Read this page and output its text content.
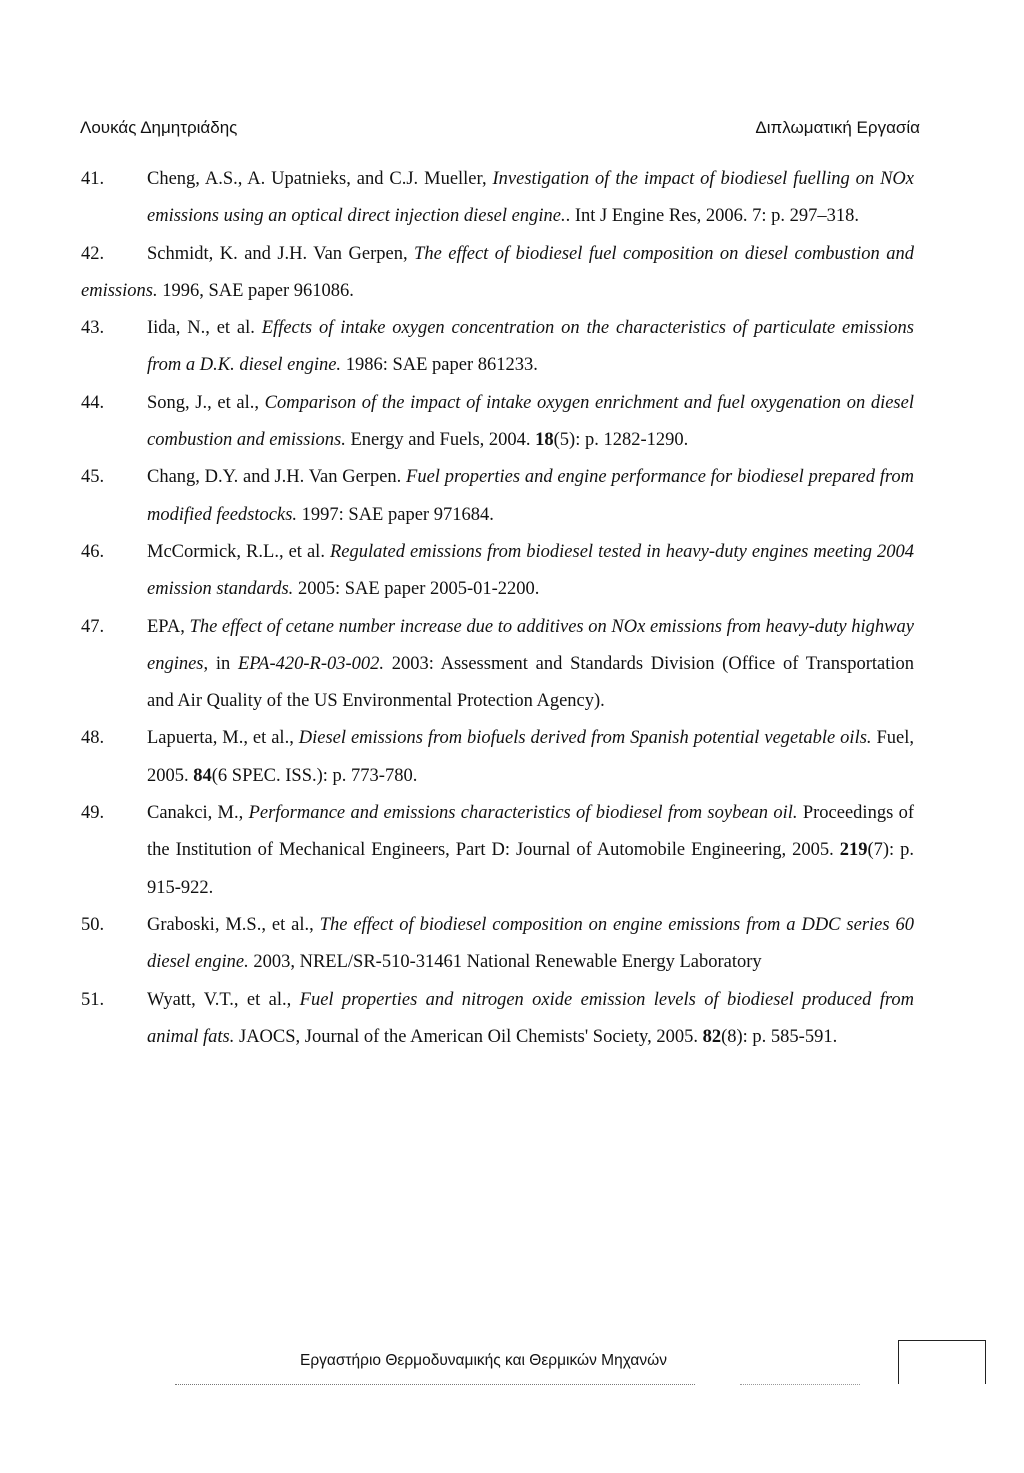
Λουκάς Δημητριάδης	Διπλωματική Εργασία
41. Cheng, A.S., A. Upatnieks, and C.J. Mueller, Investigation of the impact of biodiesel fuelling on NOx emissions using an optical direct injection diesel engine.. Int J Engine Res, 2006. 7: p. 297–318.
42.	Schmidt, K. and J.H. Van Gerpen, The effect of biodiesel fuel composition on diesel combustion and emissions. 1996, SAE paper 961086.
43. Iida, N., et al. Effects of intake oxygen concentration on the characteristics of particulate emissions from a D.K. diesel engine. 1986: SAE paper 861233.
44. Song, J., et al., Comparison of the impact of intake oxygen enrichment and fuel oxygenation on diesel combustion and emissions. Energy and Fuels, 2004. 18(5): p. 1282-1290.
45. Chang, D.Y. and J.H. Van Gerpen. Fuel properties and engine performance for biodiesel prepared from modified feedstocks. 1997: SAE paper 971684.
46. McCormick, R.L., et al. Regulated emissions from biodiesel tested in heavy-duty engines meeting 2004 emission standards. 2005: SAE paper 2005-01-2200.
47. EPA, The effect of cetane number increase due to additives on NOx emissions from heavy-duty highway engines, in EPA-420-R-03-002. 2003: Assessment and Standards Division (Office of Transportation and Air Quality of the US Environmental Protection Agency).
48. Lapuerta, M., et al., Diesel emissions from biofuels derived from Spanish potential vegetable oils. Fuel, 2005. 84(6 SPEC. ISS.): p. 773-780.
49. Canakci, M., Performance and emissions characteristics of biodiesel from soybean oil. Proceedings of the Institution of Mechanical Engineers, Part D: Journal of Automobile Engineering, 2005. 219(7): p. 915-922.
50. Graboski, M.S., et al., The effect of biodiesel composition on engine emissions from a DDC series 60 diesel engine. 2003, NREL/SR-510-31461 National Renewable Energy Laboratory
51. Wyatt, V.T., et al., Fuel properties and nitrogen oxide emission levels of biodiesel produced from animal fats. JAOCS, Journal of the American Oil Chemists' Society, 2005. 82(8): p. 585-591.
Εργαστήριο Θερμοδυναμικής και Θερμικών Μηχανών
